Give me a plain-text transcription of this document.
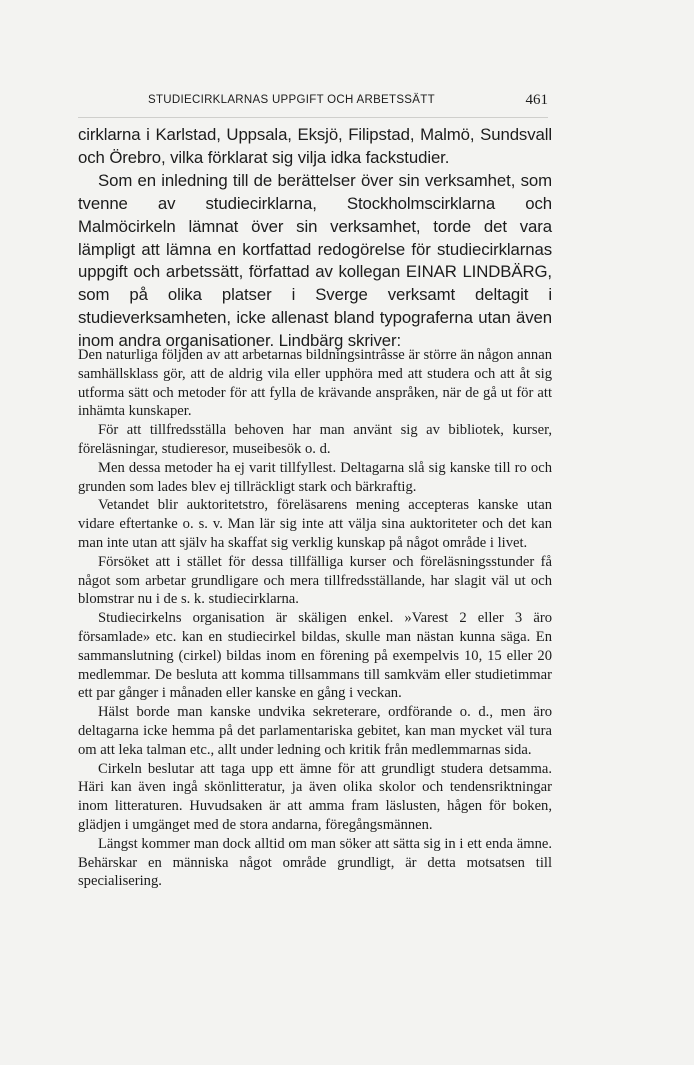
STUDIECIRKLARNAS UPPGIFT OCH ARBETSSÄTT	461

cirklarna i Karlstad, Uppsala, Eksjö, Filipstad, Malmö, Sundsvall och Örebro, vilka förklarat sig vilja idka fackstudier.

Som en inledning till de berättelser över sin verksamhet, som tvenne av studiecirklarna, Stockholmscirklarna och Malmöcirkeln lämnat över sin verksamhet, torde det vara lämpligt att lämna en kortfattad redogörelse för studiecirklarnas uppgift och arbetssätt, författad av kollegan EINAR LINDBÄRG, som på olika platser i Sverge verksamt deltagit i studieverksamheten, icke allenast bland typograferna utan även inom andra organisationer. Lindbärg skriver:

Den naturliga följden av att arbetarnas bildningsintrâsse är större än någon annan samhällsklass gör, att de aldrig vila eller upphöra med att studera och att åt sig utforma sätt och metoder för att fylla de krävande anspråken, när de gå ut för att inhämta kunskaper.

För att tillfredsställa behoven har man använt sig av bibliotek, kurser, föreläsningar, studieresor, museibesök o. d.

Men dessa metoder ha ej varit tillfyllest. Deltagarna slå sig kanske till ro och grunden som lades blev ej tillräckligt stark och bärkraftig.

Vetandet blir auktoritetstro, föreläsarens mening accepteras kanske utan vidare eftertanke o. s. v. Man lär sig inte att välja sina auktoriteter och det kan man inte utan att själv ha skaffat sig verklig kunskap på något område i livet.

Försöket att i stället för dessa tillfälliga kurser och föreläsningsstunder få något som arbetar grundligare och mera tillfredsställande, har slagit väl ut och blomstrar nu i de s. k. studiecirklarna.

Studiecirkelns organisation är skäligen enkel. »Varest 2 eller 3 äro församlade» etc. kan en studiecirkel bildas, skulle man nästan kunna säga. En sammanslutning (cirkel) bildas inom en förening på exempelvis 10, 15 eller 20 medlemmar. De besluta att komma tillsammans till samkväm eller studietimmar ett par gånger i månaden eller kanske en gång i veckan.

Hälst borde man kanske undvika sekreterare, ordförande o. d., men äro deltagarna icke hemma på det parlamentariska gebitet, kan man mycket väl tura om att leka talman etc., allt under ledning och kritik från medlemmarnas sida.

Cirkeln beslutar att taga upp ett ämne för att grundligt studera detsamma. Häri kan även ingå skönlitteratur, ja även olika skolor och tendensriktningar inom litteraturen. Huvudsaken är att amma fram läslusten, hågen för boken, glädjen i umgänget med de stora andarna, föregångsmännen.

Längst kommer man dock alltid om man söker att sätta sig in i ett enda ämne. Behärskar en människa något område grundligt, är detta motsatsen till specialisering.
